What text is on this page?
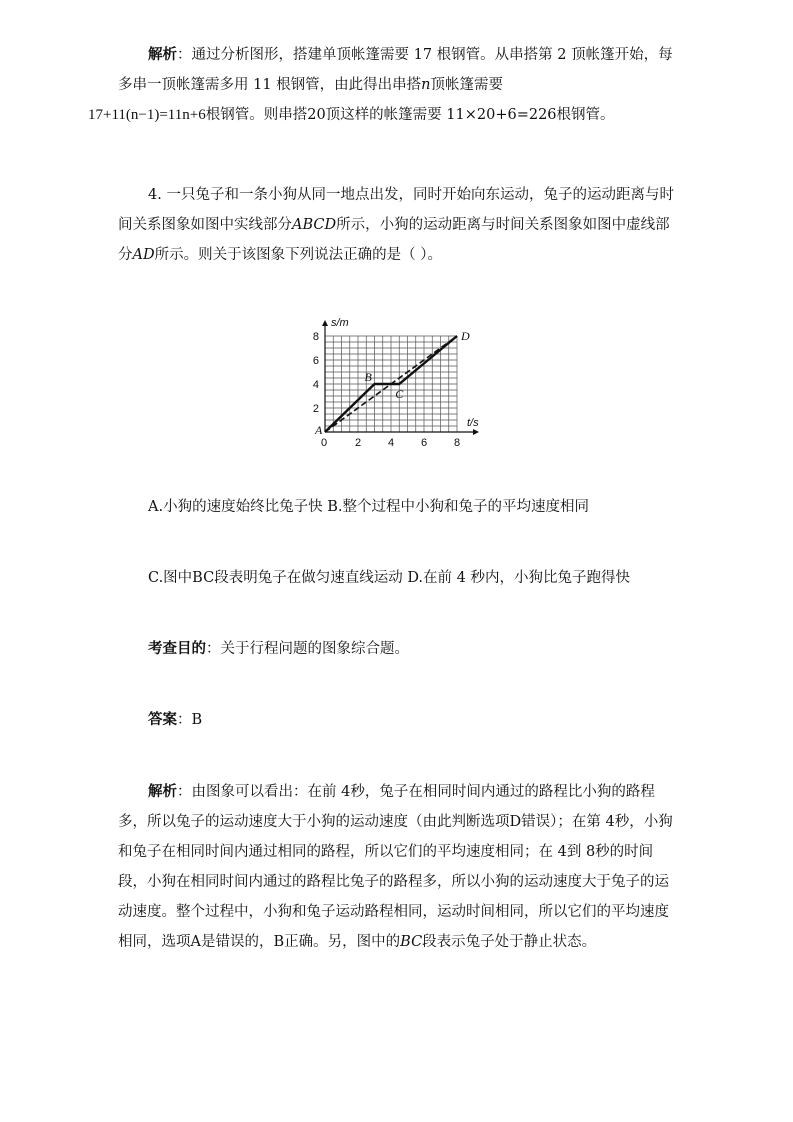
解析：通过分析图形，搭建单顶帐篷需要 17 根钢管。从串搭第 2 顶帐篷开始，每多串一顶帐篷需多用 11 根钢管，由此得出串搭n顶帐篷需要
17+11(n−1)=11n+6根钢管。则串搭20顶这样的帐篷需要 11×20+6=226根钢管。

4. 一只兔子和一条小狗从同一地点出发，同时开始向东运动，兔子的运动距离与时间关系图象如图中实线部分ABCD所示，小狗的运动距离与时间关系图象如图中虚线部分AD所示。则关于该图象下列说法正确的是（ ）。

2 4 6 8
2
4
6
8
0
s/m
t/s
A
B
C
D

A.小狗的速度始终比兔子快 B.整个过程中小狗和兔子的平均速度相同

C.图中BC段表明兔子在做匀速直线运动 D.在前 4 秒内，小狗比兔子跑得快

考查目的：关于行程问题的图象综合题。

答案：B

解析：由图象可以看出：在前 4秒，兔子在相同时间内通过的路程比小狗的路程多，所以兔子的运动速度大于小狗的运动速度（由此判断选项D错误）；在第 4秒，小狗和兔子在相同时间内通过相同的路程，所以它们的平均速度相同；在 4到 8秒的时间段，小狗在相同时间内通过的路程比兔子的路程多，所以小狗的运动速度大于兔子的运动速度。整个过程中，小狗和兔子运动路程相同，运动时间相同，所以它们的平均速度相同，选项A是错误的，B正确。另，图中的BC段表示兔子处于静止状态。
